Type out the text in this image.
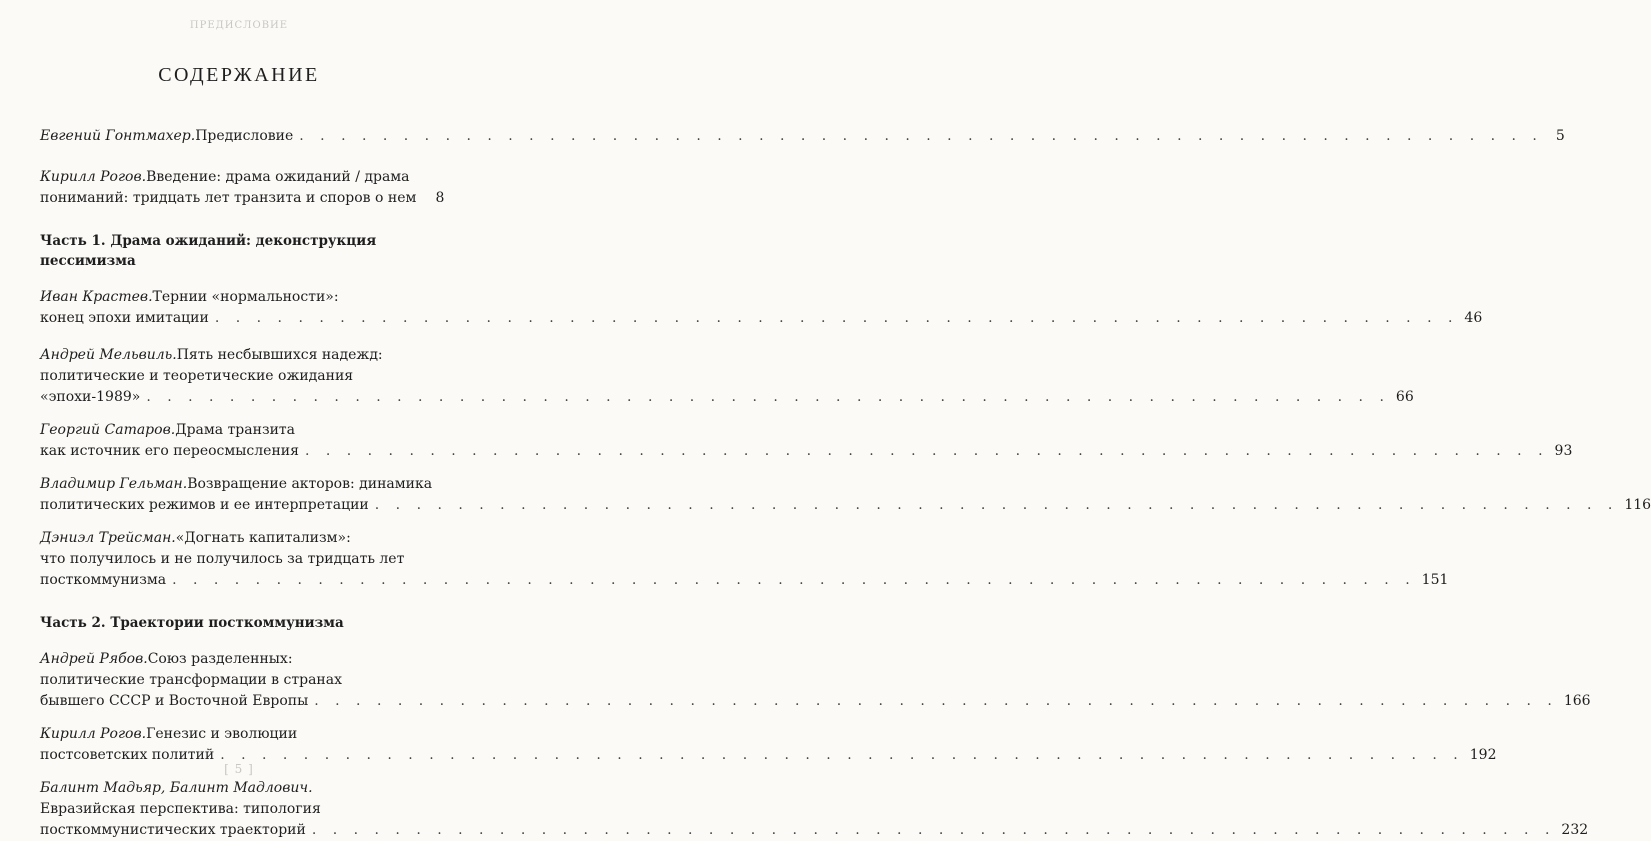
ПРЕДИСЛОВИЕ
СОДЕРЖАНИЕ
Евгений Гонтмахер. Предисловие . . .	5
Кирилл Рогов. Введение: драма ожиданий / драма
пониманий: тридцать лет транзита и споров о нем	8
Часть 1. Драма ожиданий: деконструкция пессимизма
Иван Крастев. Тернии «нормальности»:
конец эпохи имитации . . .	46
Андрей Мельвиль. Пять несбывшихся надежд:
политические и теоретические ожидания
«эпохи-1989» . . .	66
Георгий Сатаров. Драма транзита
как источник его переосмысления . . .	93
Владимир Гельман. Возвращение акторов: динамика
политических режимов и ее интерпретации . . .	116
Дэниэл Трейсман. «Догнать капитализм»:
что получилось и не получилось за тридцать лет
посткоммунизма . . .	151
Часть 2. Траектории посткоммунизма
Андрей Рябов. Союз разделенных:
политические трансформации в странах
бывшего СССР и Восточной Европы . . .	166
Кирилл Рогов. Генезис и эволюции
постсоветских политий . . .	192
Балинт Мадьяр, Балинт Мадлович.
Евразийская перспектива: типология
посткоммунистических траекторий . . .	232
[ 5 ]
